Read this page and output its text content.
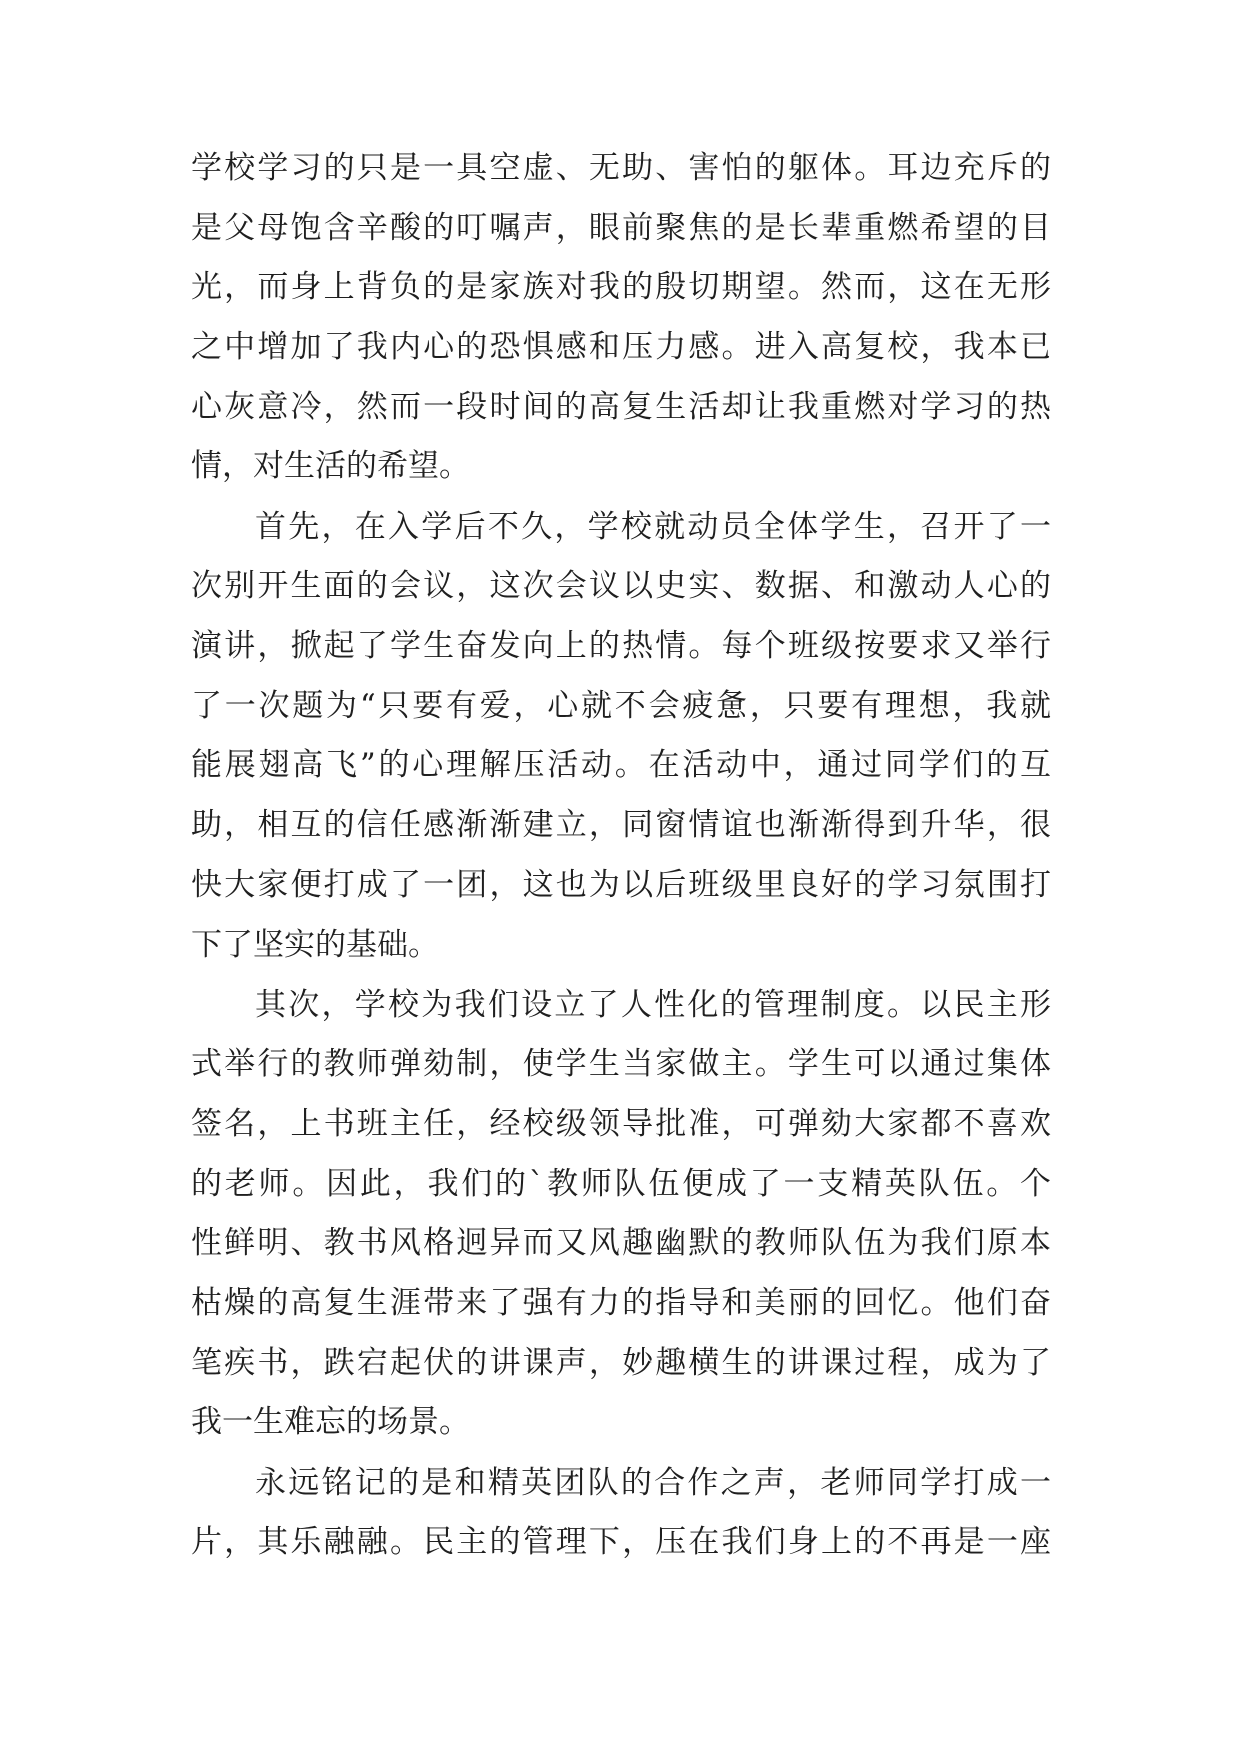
学校学习的只是一具空虚、无助、害怕的躯体。耳边充斥的
是父母饱含辛酸的叮嘱声，眼前聚焦的是长辈重燃希望的目
光，而身上背负的是家族对我的殷切期望。然而，这在无形
之中增加了我内心的恐惧感和压力感。进入高复校，我本已
心灰意冷，然而一段时间的高复生活却让我重燃对学习的热
情，对生活的希望。
首先，在入学后不久，学校就动员全体学生，召开了一
次别开生面的会议，这次会议以史实、数据、和激动人心的
演讲，掀起了学生奋发向上的热情。每个班级按要求又举行
了一次题为“只要有爱，心就不会疲惫，只要有理想，我就
能展翅高飞”的心理解压活动。在活动中，通过同学们的互
助，相互的信任感渐渐建立，同窗情谊也渐渐得到升华，很
快大家便打成了一团，这也为以后班级里良好的学习氛围打
下了坚实的基础。
其次，学校为我们设立了人性化的管理制度。以民主形
式举行的教师弹劾制，使学生当家做主。学生可以通过集体
签名，上书班主任，经校级领导批准，可弹劾大家都不喜欢
的老师。因此，我们的`教师队伍便成了一支精英队伍。个
性鲜明、教书风格迥异而又风趣幽默的教师队伍为我们原本
枯燥的高复生涯带来了强有力的指导和美丽的回忆。他们奋
笔疾书，跌宕起伏的讲课声，妙趣横生的讲课过程，成为了
我一生难忘的场景。
永远铭记的是和精英团队的合作之声，老师同学打成一
片，其乐融融。民主的管理下，压在我们身上的不再是一座
